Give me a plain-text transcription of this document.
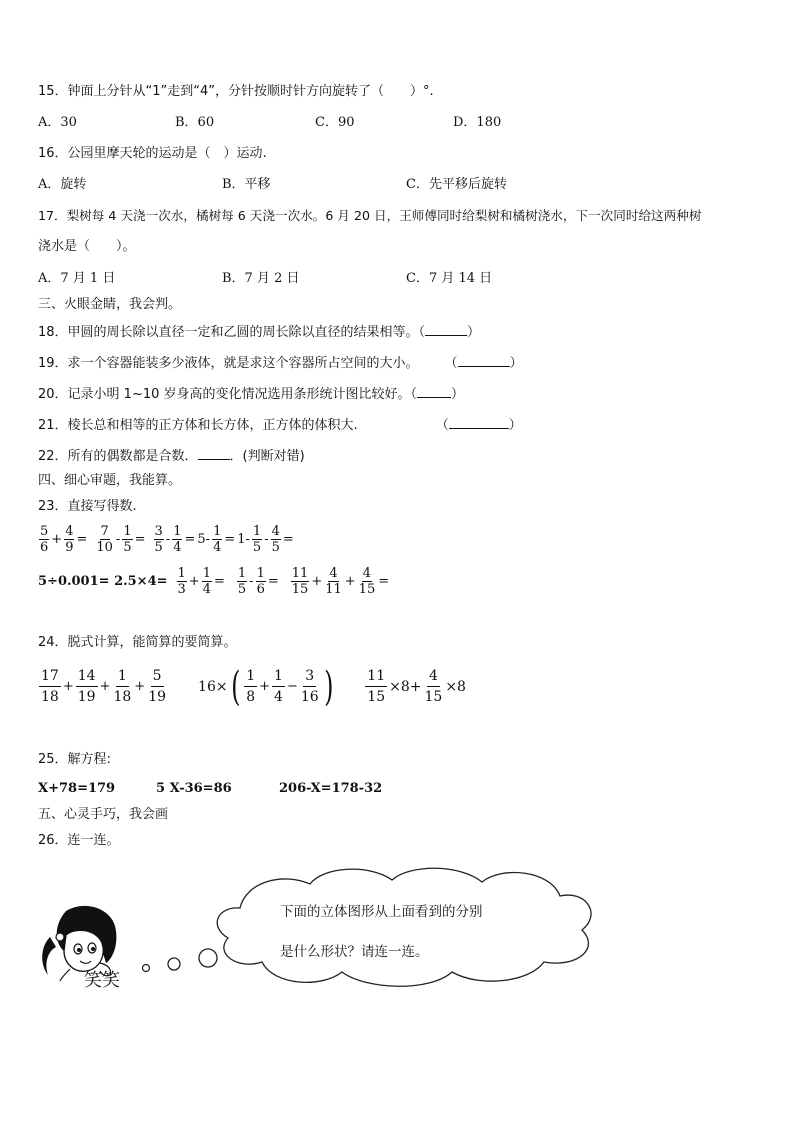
15．钟面上分针从“1”走到“4”，分针按顺时针方向旋转了（　　）°.
A．30	B．60	C．90	D．180
16．公园里摩天轮的运动是（　）运动.
A．旋转	B．平移	C．先平移后旋转
17．梨树每 4 天浇一次水，橘树每 6 天浇一次水。6 月 20 日，王师傅同时给梨树和橘树浇水，下一次同时给这两种树
浇水是（　　）。
A．7 月 1 日	B．7 月 2 日	C．7 月 14 日
三、火眼金睛，我会判。
18．甲圆的周长除以直径一定和乙圆的周长除以直径的结果相等。（	）
19．求一个容器能装多少液体，就是求这个容器所占空间的大小。 （	）
20．记录小明 1~10 岁身高的变化情况选用条形统计图比较好。（	）
21．棱长总和相等的正方体和长方体，正方体的体积大.	（	）
22．所有的偶数都是合数． ．(判断对错)
四、细心审题，我能算。
23．直接写得数.
$\frac{5}{6} + \frac{4}{9} = \frac{7}{10} - \frac{1}{5} = \frac{3}{5} - \frac{1}{4} = 5- \frac{1}{4} = 1- \frac{1}{5} - \frac{4}{5}$ =
$5\div 0.001= 2.5\times 4= \frac{1}{3} + \frac{1}{4} = \frac{1}{5} - \frac{1}{6} = \frac{11}{15} + \frac{4}{11} + \frac{4}{15}$ =
24．脱式计算，能简算的要简算。
$\frac{17}{18} + \frac{14}{19} + \frac{1}{18} + \frac{5}{19} 16\times$ ( $\frac{1}{8} + \frac{1}{4} - \frac{3}{16}$ ) $\frac{11}{15} \times 8+ \frac{4}{15} \times 8$
25．解方程:
X+78=179	5 X-36=86	206-X=178-32
五、心灵手巧，我会画
26．连一连。
下面的立体图形从上面看到的分别
是什么形状？请连一连。
笑笑
